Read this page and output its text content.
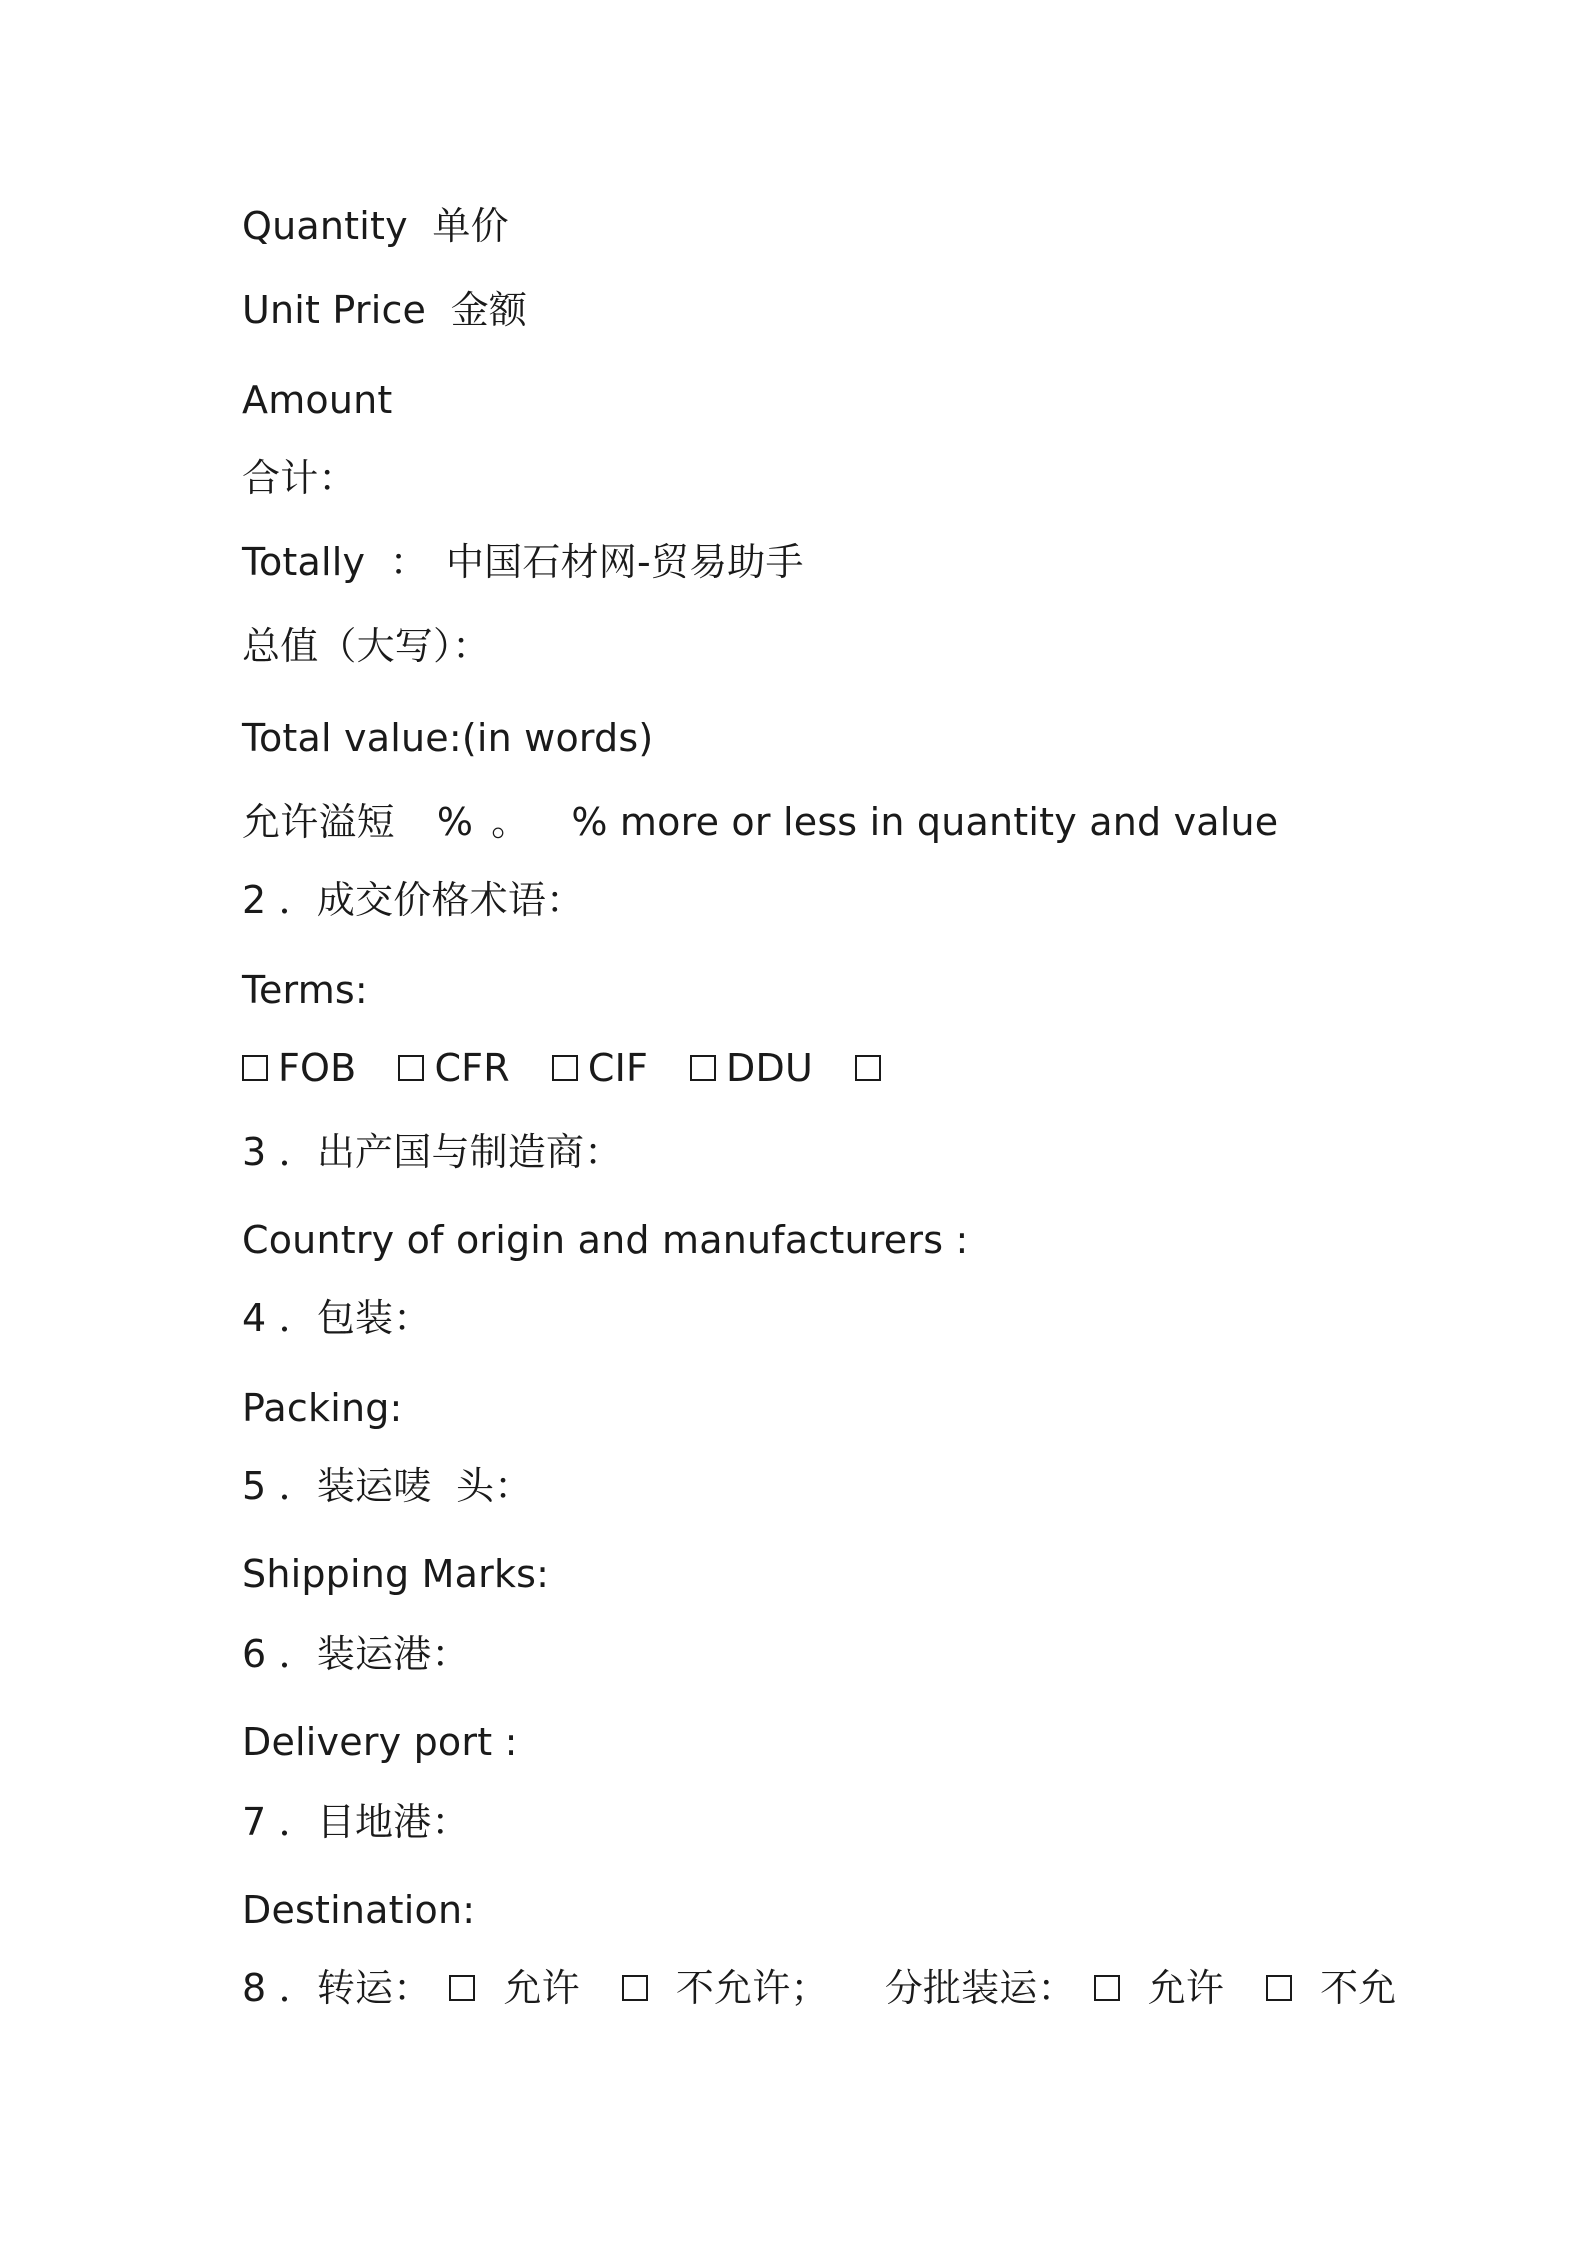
Quantity  单价
Unit Price  金额
Amount
合计：
Totally  ： 中国石材网-贸易助手
总值（大写）：
Total value:(in words)
允许溢短 % 。 % more or less in quantity and value
2 ．成交价格术语：
Terms:
FOB CFR CIF DDU
3 ．出产国与制造商：
Country of origin and manufacturers :
4 ．包装：
Packing:
5 ．装运唛  头：
Shipping Marks:
6 ．装运港：
Delivery port :
7 ．目地港：
Destination:
8 ．转运： 允许	不允许； 分批装运： 允许	不允
